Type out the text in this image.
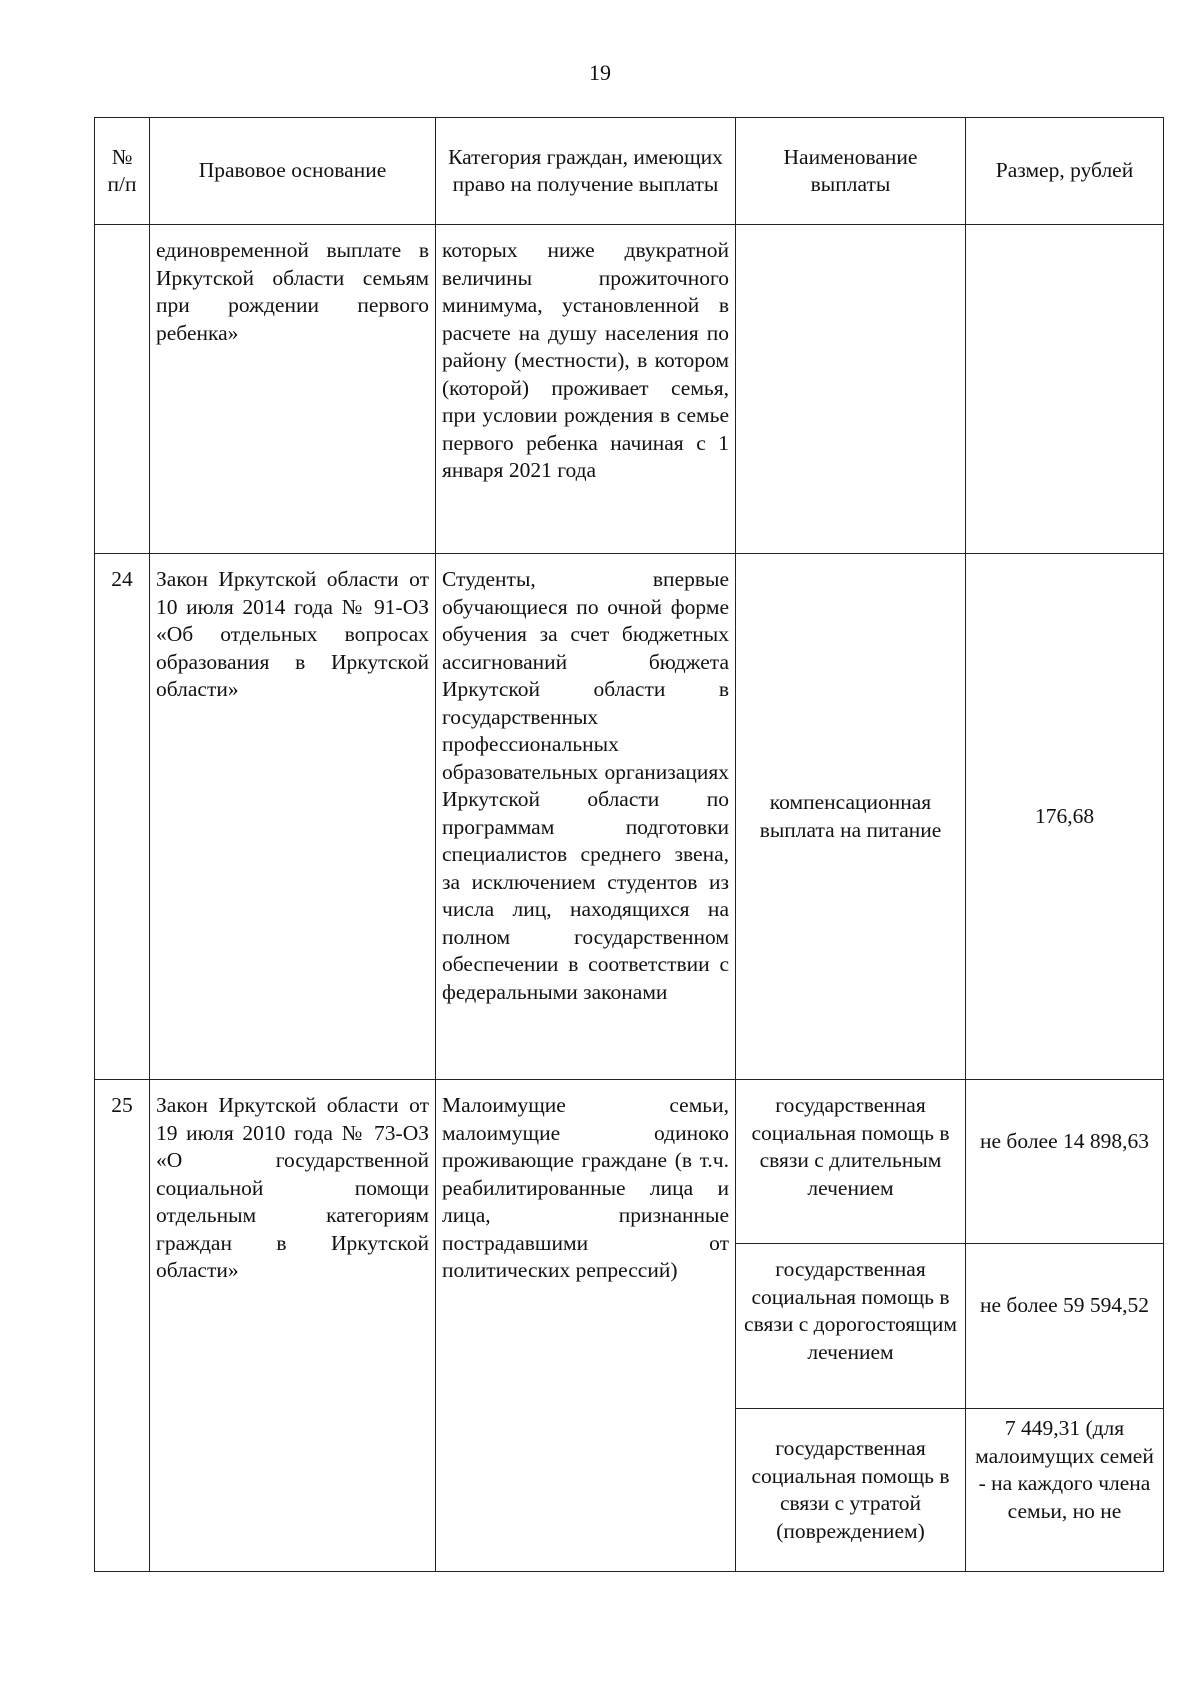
19
№ п/п	Правовое основание	Категория граждан, имеющих право на получение выплаты	Наименование выплаты	Размер, рублей
	единовременной выплате в Иркутской области семьям при рождении первого ребенка»	которых ниже двукратной величины прожиточного минимума, установленной в расчете на душу населения по району (местности), в котором (которой) проживает семья, при условии рождения в семье первого ребенка начиная с 1 января 2021 года		
24	Закон Иркутской области от 10 июля 2014 года № 91-ОЗ «Об отдельных вопросах образования в Иркутской области»	Студенты, впервые обучающиеся по очной форме обучения за счет бюджетных ассигнований бюджета Иркутской области в государственных профессиональных образовательных организациях Иркутской области по программам подготовки специалистов среднего звена, за исключением студентов из числа лиц, находящихся на полном государственном обеспечении в соответствии с федеральными законами	компенсационная выплата на питание	176,68
25	Закон Иркутской области от 19 июля 2010 года № 73-ОЗ «О государственной социальной помощи отдельным категориям граждан в Иркутской области»	Малоимущие семьи, малоимущие одиноко проживающие граждане (в т.ч. реабилитированные лица и лица, признанные пострадавшими от политических репрессий)	государственная социальная помощь в связи с длительным лечением	не более 14 898,63
			государственная социальная помощь в связи с дорогостоящим лечением	не более 59 594,52
			государственная социальная помощь в связи с утратой (повреждением)	7 449,31 (для малоимущих семей - на каждого члена семьи, но не
